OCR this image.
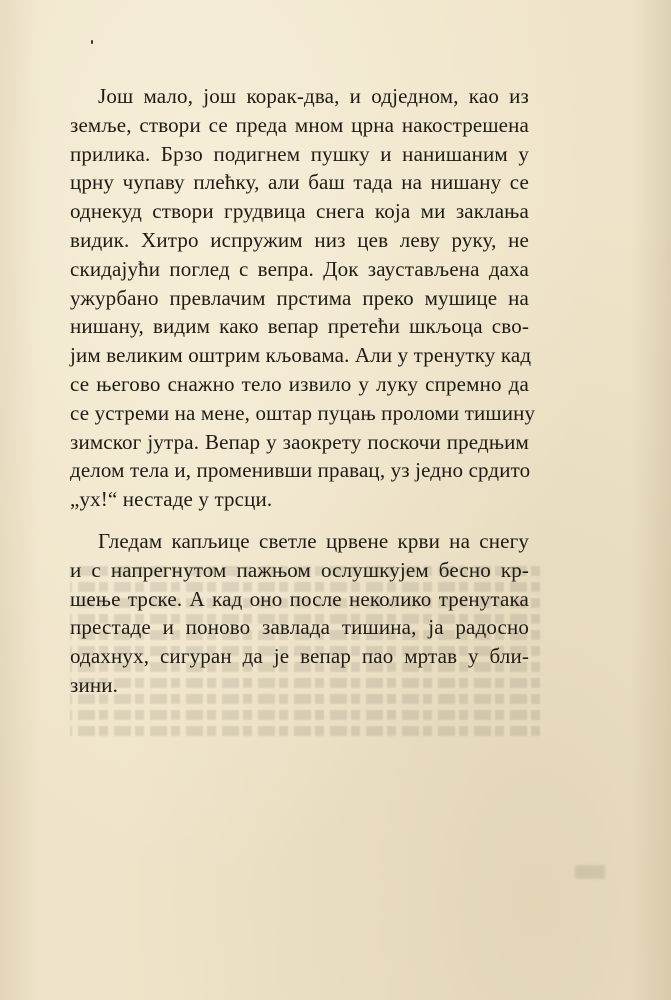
Још мало, још корак-два, и одједном, као из
земље, створи се преда мном црна накострешена
прилика. Брзо подигнем пушку и нанишаним у
црну чупаву плећку, али баш тада на нишану се
однекуд створи грудвица снега која ми заклања
видик. Хитро испружим низ цев леву руку, не
скидајући поглед с вепра. Док заустављена даха
ужурбано превлачим прстима преко мушице на
нишану, видим како вепар претећи шкљоца сво-
јим великим оштрим кљовама. Али у тренутку кад
се његово снажно тело извило у луку спремно да
се устреми на мене, оштар пуцањ проломи тишину
зимског јутра. Вепар у заокрету поскочи предњим
делом тела и, променивши правац, уз једно срдито
„ух!“ нестаде у трсци.
Гледам капљице светле црвене крви на снегу
и с напрегнутом пажњом ослушкујем бесно кр-
шење трске. А кад оно после неколико тренутака
престаде и поново завлада тишина, ја радосно
одахнух, сигуран да је вепар пао мртав у бли-
зини.
